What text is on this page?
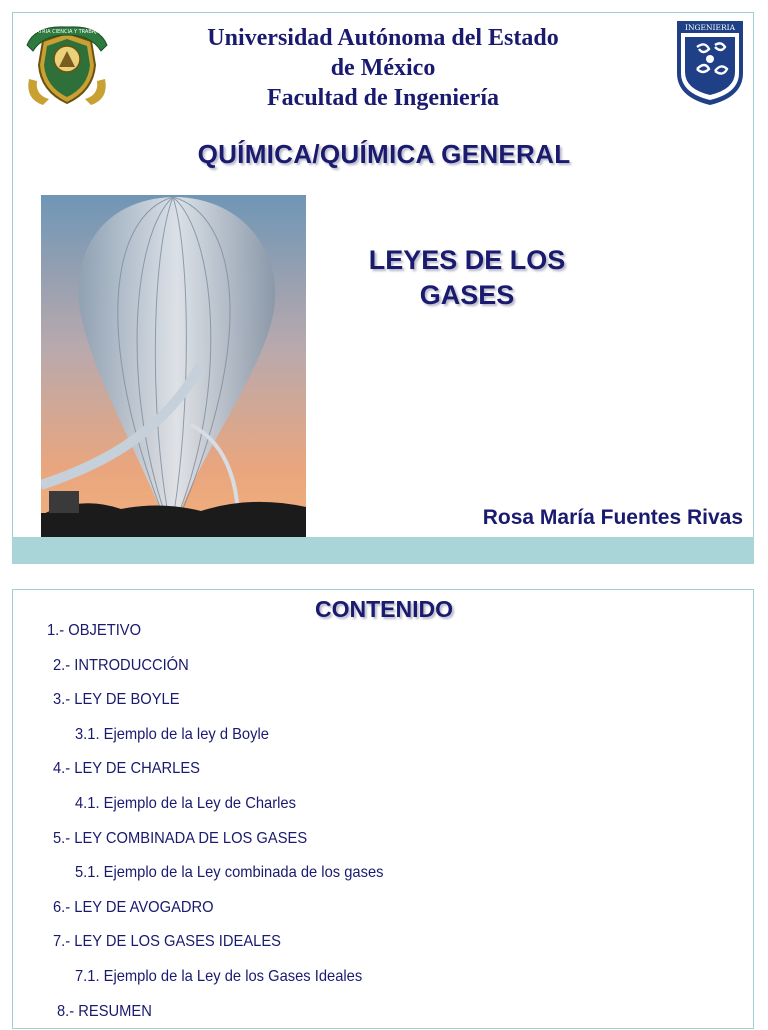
PATRIA CIENCIA Y TRABAJO	INGENIERIA
Universidad Autónoma del Estado
de México
Facultad de Ingeniería
QUÍMICA/QUÍMICA GENERAL
LEYES DE LOS
GASES
Rosa María Fuentes Rivas
CONTENIDO
1.- OBJETIVO
2.- INTRODUCCIÓN
3.- LEY DE BOYLE
3.1. Ejemplo de la ley d Boyle
4.- LEY DE CHARLES
4.1. Ejemplo de la Ley de Charles
5.- LEY COMBINADA DE LOS GASES
5.1. Ejemplo de la Ley combinada de los gases
6.- LEY DE AVOGADRO
7.- LEY DE LOS GASES IDEALES
7.1. Ejemplo de la Ley de los Gases Ideales
8.- RESUMEN
